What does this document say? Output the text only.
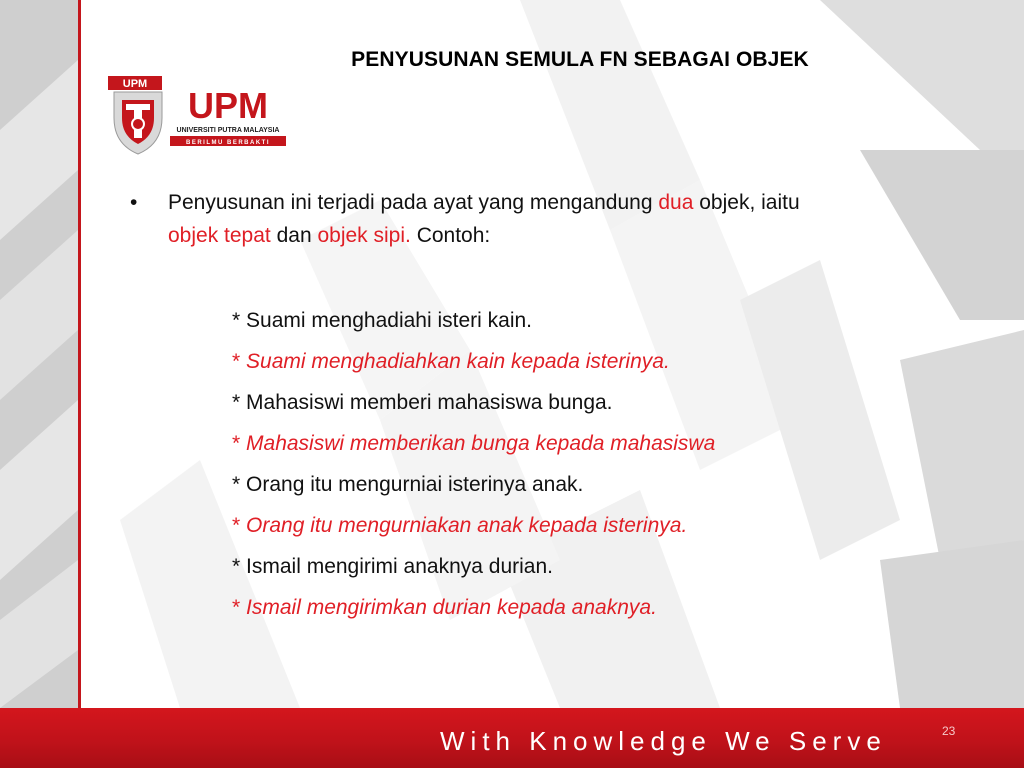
PENYUSUNAN SEMULA FN SEBAGAI OBJEK
UPM
UPM
UNIVERSITI PUTRA MALAYSIA
BERILMU BERBAKTI
•	Penyusunan ini terjadi pada ayat yang mengandung dua objek, iaitu
objek tepat dan objek sipi. Contoh:
* Suami menghadiahi isteri kain.
* Suami menghadiahkan kain kepada isterinya.
* Mahasiswi memberi mahasiswa bunga.
* Mahasiswi memberikan bunga kepada mahasiswa
* Orang itu mengurniai isterinya anak.
* Orang itu mengurniakan anak kepada isterinya.
* Ismail mengirimi anaknya durian.
* Ismail mengirimkan durian kepada anaknya.
With Knowledge We Serve	23
